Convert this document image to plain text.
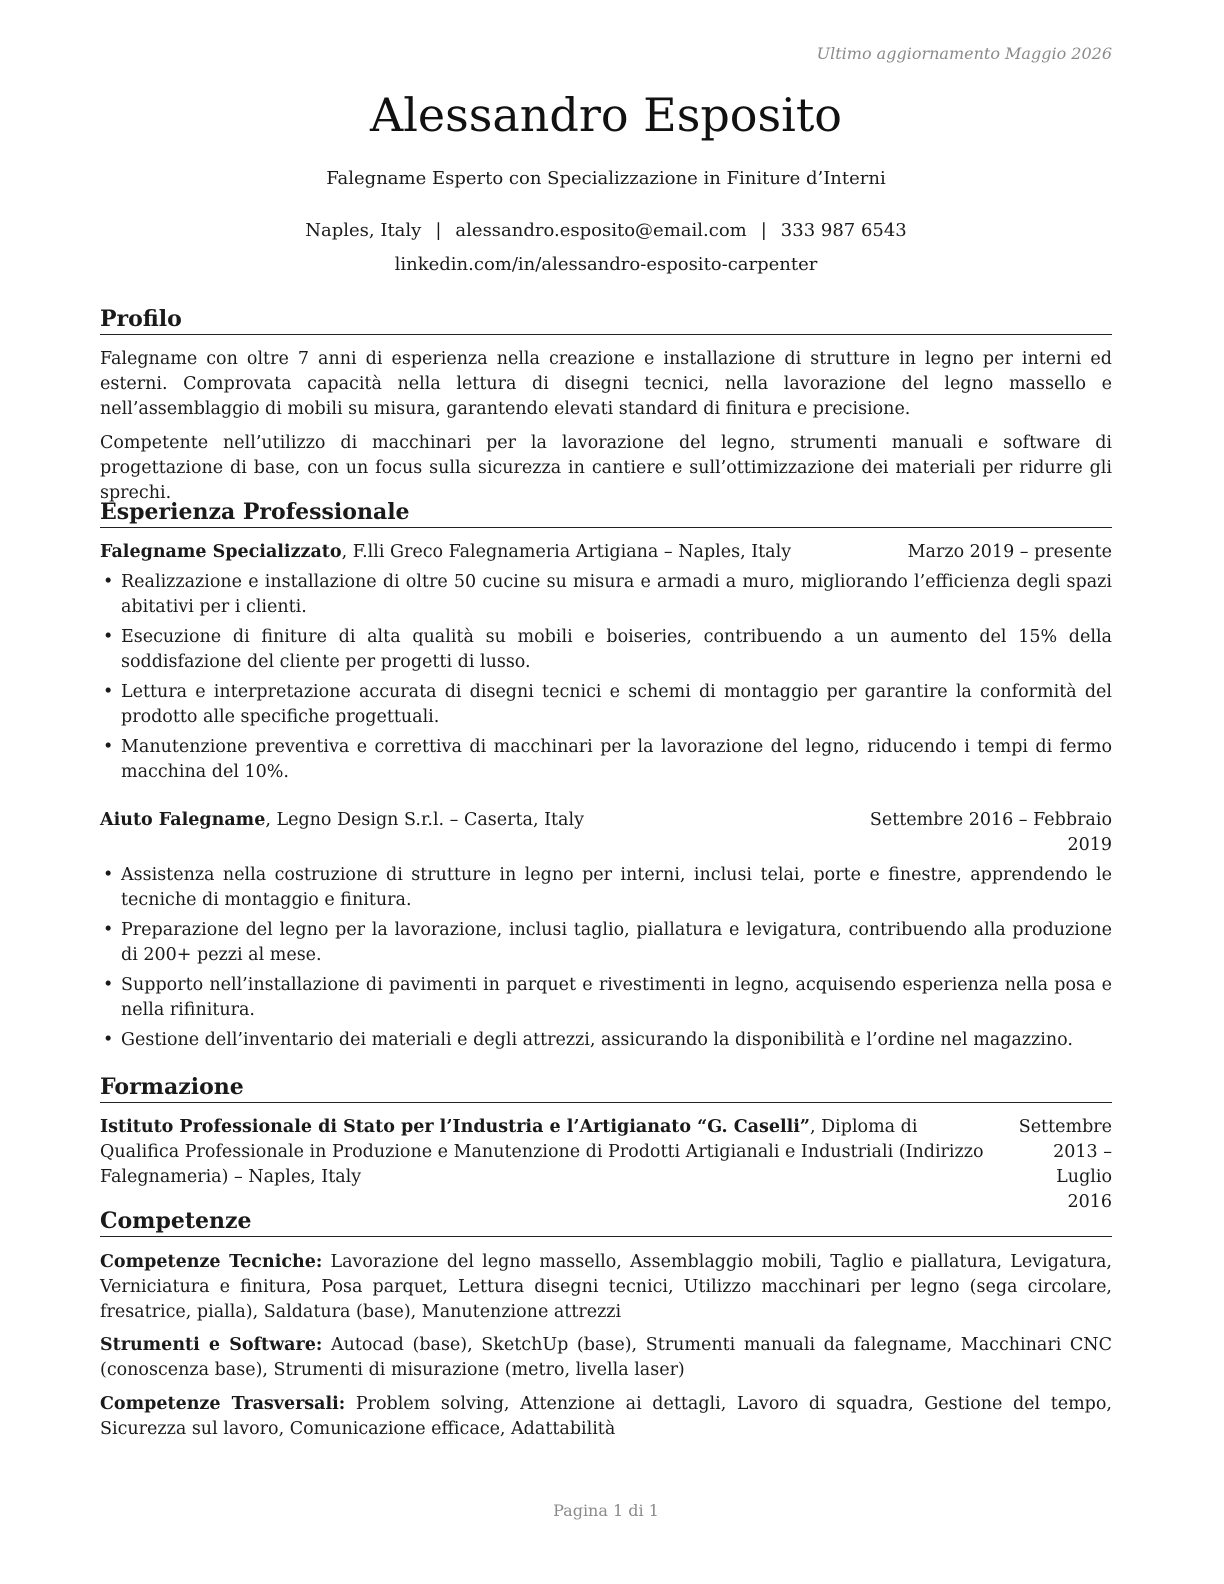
Ultimo aggiornamento Maggio 2026
Alessandro Esposito
Falegname Esperto con Specializzazione in Finiture d’Interni
Naples, Italy | alessandro.esposito@email.com | 333 987 6543
linkedin.com/in/alessandro-esposito-carpenter
Profilo
Falegname con oltre 7 anni di esperienza nella creazione e installazione di strutture in legno per interni ed esterni. Comprovata capacità nella lettura di disegni tecnici, nella lavorazione del legno massello e nell’assemblaggio di mobili su misura, garantendo elevati standard di finitura e precisione.
Competente nell’utilizzo di macchinari per la lavorazione del legno, strumenti manuali e software di progettazione di base, con un focus sulla sicurezza in cantiere e sull’ottimizzazione dei materiali per ridurre gli sprechi.
Esperienza Professionale
Falegname Specializzato, F.lli Greco Falegnameria Artigiana – Naples, Italy	Marzo 2019 – presente
• Realizzazione e installazione di oltre 50 cucine su misura e armadi a muro, migliorando l’efficienza degli spazi abitativi per i clienti.
• Esecuzione di finiture di alta qualità su mobili e boiseries, contribuendo a un aumento del 15% della soddisfazione del cliente per progetti di lusso.
• Lettura e interpretazione accurata di disegni tecnici e schemi di montaggio per garantire la conformità del prodotto alle specifiche progettuali.
• Manutenzione preventiva e correttiva di macchinari per la lavorazione del legno, riducendo i tempi di fermo macchina del 10%.
Aiuto Falegname, Legno Design S.r.l. – Caserta, Italy	Settembre 2016 – Febbraio
2019
• Assistenza nella costruzione di strutture in legno per interni, inclusi telai, porte e finestre, apprendendo le tecniche di montaggio e finitura.
• Preparazione del legno per la lavorazione, inclusi taglio, piallatura e levigatura, contribuendo alla produzione di 200+ pezzi al mese.
• Supporto nell’installazione di pavimenti in parquet e rivestimenti in legno, acquisendo esperienza nella posa e nella rifinitura.
• Gestione dell’inventario dei materiali e degli attrezzi, assicurando la disponibilità e l’ordine nel magazzino.
Formazione
Istituto Professionale di Stato per l’Industria e l’Artigianato “G. Caselli”, Diploma di Qualifica Professionale in Produzione e Manutenzione di Prodotti Artigianali e Industriali (Indirizzo Falegnameria) – Naples, Italy
Settembre 2013 – Luglio
2016
Competenze
Competenze Tecniche: Lavorazione del legno massello, Assemblaggio mobili, Taglio e piallatura, Levigatura, Verniciatura e finitura, Posa parquet, Lettura disegni tecnici, Utilizzo macchinari per legno (sega circolare, fresatrice, pialla), Saldatura (base), Manutenzione attrezzi
Strumenti e Software: Autocad (base), SketchUp (base), Strumenti manuali da falegname, Macchinari CNC (conoscenza base), Strumenti di misurazione (metro, livella laser)
Competenze Trasversali: Problem solving, Attenzione ai dettagli, Lavoro di squadra, Gestione del tempo, Sicurezza sul lavoro, Comunicazione efficace, Adattabilità
Pagina 1 di 1
